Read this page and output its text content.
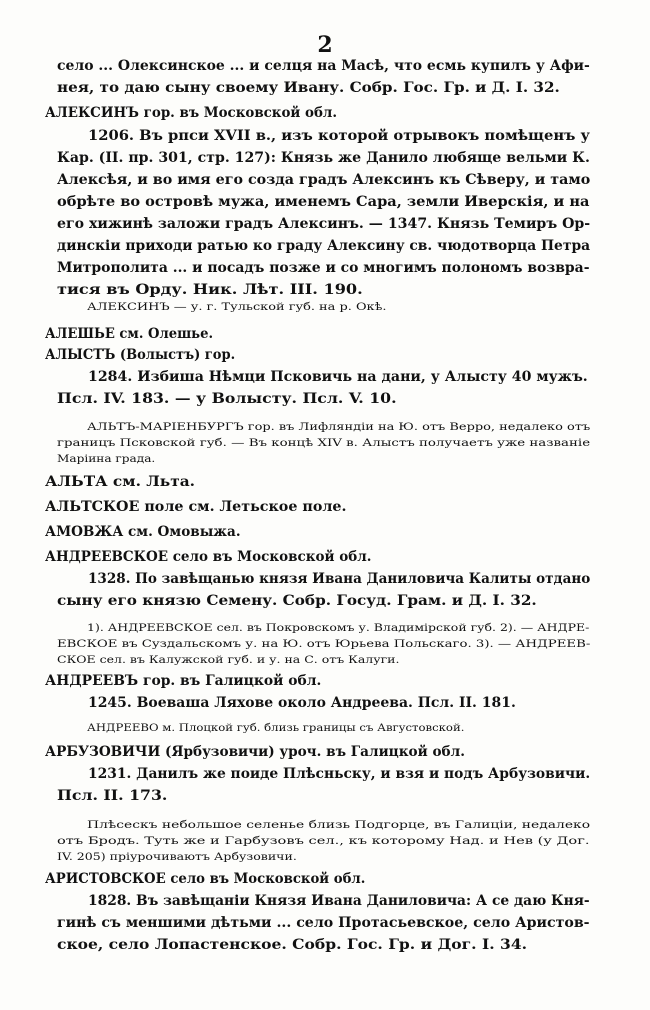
2
село ... Олексинское ... и селця на Масѣ, что есмь купилъ у Афи-
нея, то даю сыну своему Ивану. Собр. Гос. Гр. и Д. I. 32.
АЛЕКСИНЪ гор. въ Московской обл.
1206. Въ рпси XVII в., изъ которой отрывокъ помѣщенъ у
Кар. (II. пр. 301, стр. 127): Князь же Данило любяще вельми К.
Алексѣя, и во имя его созда градъ Алексинъ къ Сѣверу, и тамо
обрѣте во островѣ мужа, именемъ Сара, земли Иверскія, и на
его хижинѣ заложи градъ Алексинъ. — 1347. Князь Темиръ Ор-
динскiи приходи ратью ко граду Алексину св. чюдотворца Петра
Митрополита ... и посадъ позже и со многимъ полономъ возвра-
тися въ Орду. Ник. Лѣт. III. 190.
АЛЕКСИНЪ — у. г. Тульской губ. на р. Окѣ.
АЛЕШЬЕ см. Олешье.
АЛЫСТЪ (Волыстъ) гор.
1284. Избиша Нѣмци Псковичь на дани, у Алысту 40 мужъ.
Псл. IV. 183. — у Волысту. Псл. V. 10.
АЛЬТЪ-МАРIЕНБУРГЪ гор. въ Лифляндіи на Ю. отъ Верро, недалеко отъ
границъ Псковской губ. — Въ концѣ XIV в. Алыстъ получаетъ уже названіе
Маріина града.
АЛЬТА см. Льта.
АЛЬТСКОЕ поле см. Летьское поле.
АМОВЖА см. Омовыжа.
АНДРЕЕВСКОЕ село въ Московской обл.
1328. По завѣщанью князя Ивана Даниловича Калиты отдано
сыну его князю Семену. Собр. Госуд. Грам. и Д. I. 32.
1). АНДРЕЕВСКОЕ сел. въ Покровскомъ у. Владимірской губ. 2). — АНДРЕ-
ЕВСКОЕ въ Суздальскомъ у. на Ю. отъ Юрьева Польскаго. 3). — АНДРЕЕВ-
СКОЕ сел. въ Калужской губ. и у. на С. отъ Калуги.
АНДРЕЕВЪ гор. въ Галицкой обл.
1245. Воеваша Ляхове около Андреева. Псл. II. 181.
АНДРЕЕВО м. Плоцкой губ. близь границы съ Августовской.
АРБУЗОВИЧИ (Ярбузовичи) уроч. въ Галицкой обл.
1231. Данилъ же поиде Плѣсньску, и взя и подъ Арбузовичи.
Псл. II. 173.
Плѣсескъ небольшое селенье близь Подгорце, въ Галиціи, недалеко
отъ Бродъ. Туть же и Гарбузовъ сел., къ которому Над. и Нев (у Дог.
IV. 205) пріурочиваютъ Арбузовичи.
АРИСТОВСКОЕ село въ Московской обл.
1828. Въ завѣщанiи Князя Ивана Даниловича: А се даю Кня-
гинѣ съ меншими дѣтьми ... село Протасьевское, село Аристов-
ское, село Лопастенское. Собр. Гос. Гр. и Дог. I. 34.
